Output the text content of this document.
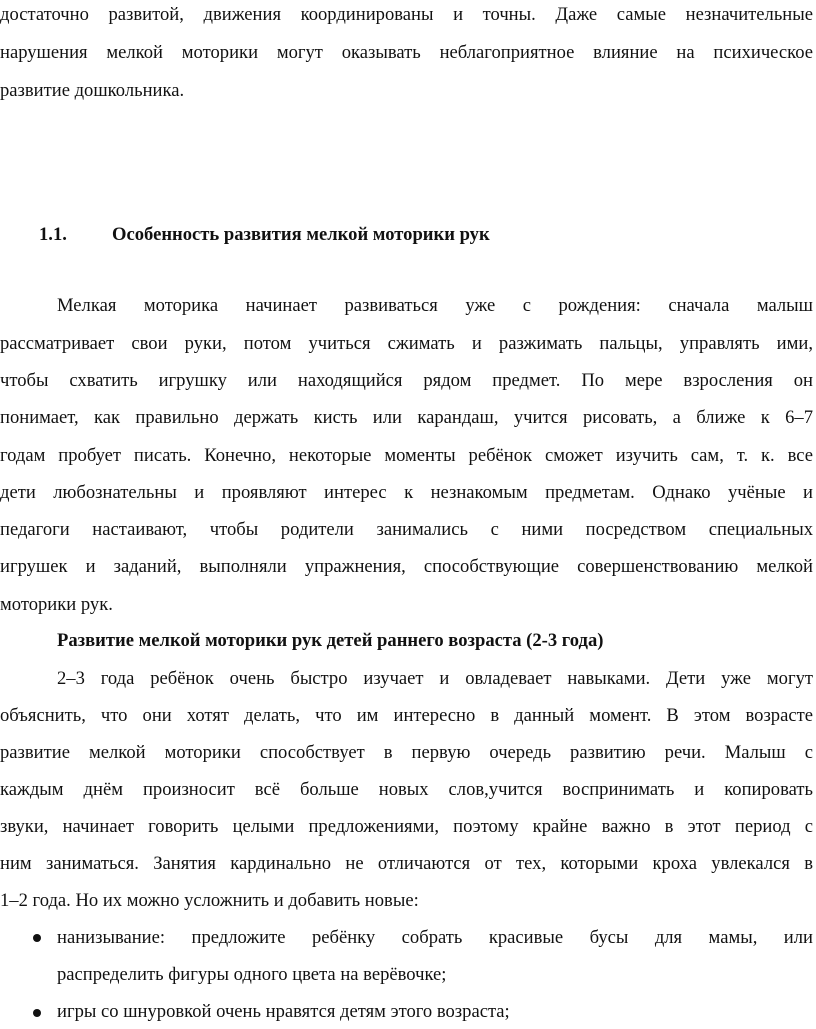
достаточно развитой, движения координированы и точны. Даже самые незначительные
нарушения мелкой моторики могут оказывать неблагоприятное влияние на психическое
развитие дошкольника.
1.1. Особенность развития мелкой моторики рук
Мелкая моторика начинает развиваться уже с рождения: сначала малыш
рассматривает свои руки, потом учиться сжимать и разжимать пальцы, управлять ими,
чтобы схватить игрушку или находящийся рядом предмет. По мере взросления он
понимает, как правильно держать кисть или карандаш, учится рисовать, а ближе к 6–7
годам пробует писать. Конечно, некоторые моменты ребёнок сможет изучить сам, т. к. все
дети любознательны и проявляют интерес к незнакомым предметам. Однако учёные и
педагоги настаивают, чтобы родители занимались с ними посредством специальных
игрушек и заданий, выполняли упражнения, способствующие совершенствованию мелкой
моторики рук.
Развитие мелкой моторики рук детей раннего возраста (2-3 года)
2–3 года ребёнок очень быстро изучает и овладевает навыками. Дети уже могут
объяснить, что они хотят делать, что им интересно в данный момент. В этом возрасте
развитие мелкой моторики способствует в первую очередь развитию речи. Малыш с
каждым днём произносит всё больше новых слов,учится воспринимать и копировать
звуки, начинает говорить целыми предложениями, поэтому крайне важно в этот период с
ним заниматься. Занятия кардинально не отличаются от тех, которыми кроха увлекался в
1–2 года. Но их можно усложнить и добавить новые:
нанизывание: предложите ребёнку собрать красивые бусы для мамы, или
распределить фигуры одного цвета на верёвочке;
игры со шнуровкой очень нравятся детям этого возраста;
